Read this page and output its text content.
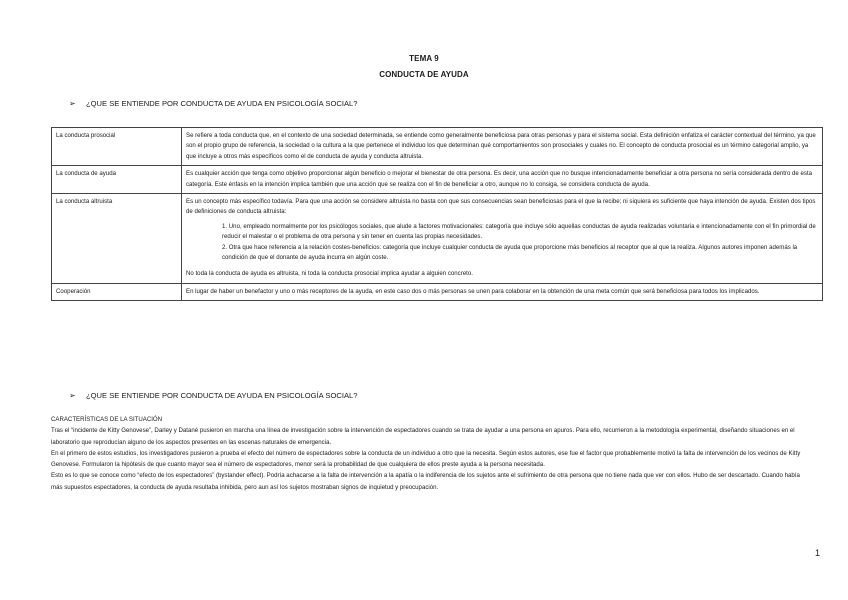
TEMA 9
CONDUCTA DE AYUDA
➢ ¿QUE SE ENTIENDE POR CONDUCTA DE AYUDA EN PSICOLOGÍA SOCIAL?
La conducta prosocial	Se refiere a toda conducta que, en el contexto de una sociedad determinada, se entiende como generalmente beneficiosa para otras personas y para el sistema social. Esta definición enfatiza el carácter contextual del término, ya que son el propio grupo de referencia, la sociedad o la cultura a la que pertenece el individuo los que determinan qué comportamientos son prosociales y cuales no. El concepto de conducta prosocial es un término categorial amplio, ya que incluye a otros más específicos como el de conducta de ayuda y conducta altruista.
La conducta de ayuda	Es cualquier acción que tenga como objetivo proporcionar algún beneficio o mejorar el bienestar de otra persona. Es decir, una acción que no busque intencionadamente beneficiar a otra persona no sería considerada dentro de esta categoría. Este énfasis en la intención implica también que una acción que se realiza con el fin de beneficiar a otro, aunque no lo consiga, se considera conducta de ayuda.
La conducta altruista	Es un concepto más específico todavía. Para que una acción se considere altruista no basta con que sus consecuencias sean beneficiosas para el que la recibe; ni siquiera es suficiente que haya intención de ayuda. Existen dos tipos de definiciones de conducta altruista:
1. Uno, empleado normalmente por los psicólogos sociales, que alude a factores motivacionales: categoría que incluye sólo aquellas conductas de ayuda realizadas voluntaria e intencionadamente con el fin primordial de reducir el malestar o el problema de otra persona y sin tener en cuenta las propias necesidades.
2. Otra que hace referencia a la relación costes-beneficios: categoría que incluye cualquier conducta de ayuda que proporcione más beneficios al receptor que al que la realiza. Algunos autores imponen además la condición de que el donante de ayuda incurra en algún coste.
No toda la conducta de ayuda es altruista, ni toda la conducta prosocial implica ayudar a alguien concreto.

Cooperación	En lugar de haber un benefactor y uno o más receptores de la ayuda, en este caso dos o más personas se unen para colaborar en la obtención de una meta común que será beneficiosa para todos los implicados.
➢ ¿QUE SE ENTIENDE POR CONDUCTA DE AYUDA EN PSICOLOGÍA SOCIAL?

CARACTERÍSTICAS DE LA SITUACIÓN

Tras el “incidente de Kitty Genovese”, Darley y Datané pusieron en marcha una línea de investigación sobre la intervención de espectadores cuando se trata de ayudar a una persona en apuros. Para ello, recurrieron a la metodología experimental, diseñando situaciones en el laboratorio que reproducían alguno de los aspectos presentes en las escenas naturales de emergencia.

En el primero de estos estudios, los investigadores pusieron a prueba el efecto del número de espectadores sobre la conducta de un individuo a otro que la necesita. Según estos autores, ese fue el factor que probablemente motivó la falta de intervención de los vecinos de Kitty Genovese. Formularon la hipótesis de que cuanto mayor sea el número de espectadores, menor será la probabilidad de que cualquiera de ellos preste ayuda a la persona necesitada.

Esto es lo que se conoce como “efecto de los espectadores” (bystander effect). Podría achacarse a la falta de intervención a la apatía o la indiferencia de los sujetos ante el sufrimiento de otra persona que no tiene nada que ver con ellos. Hubo de ser descartado. Cuando había más supuestos espectadores, la conducta de ayuda resultaba inhibida, pero aun así los sujetos mostraban signos de inquietud y preocupación.

1
